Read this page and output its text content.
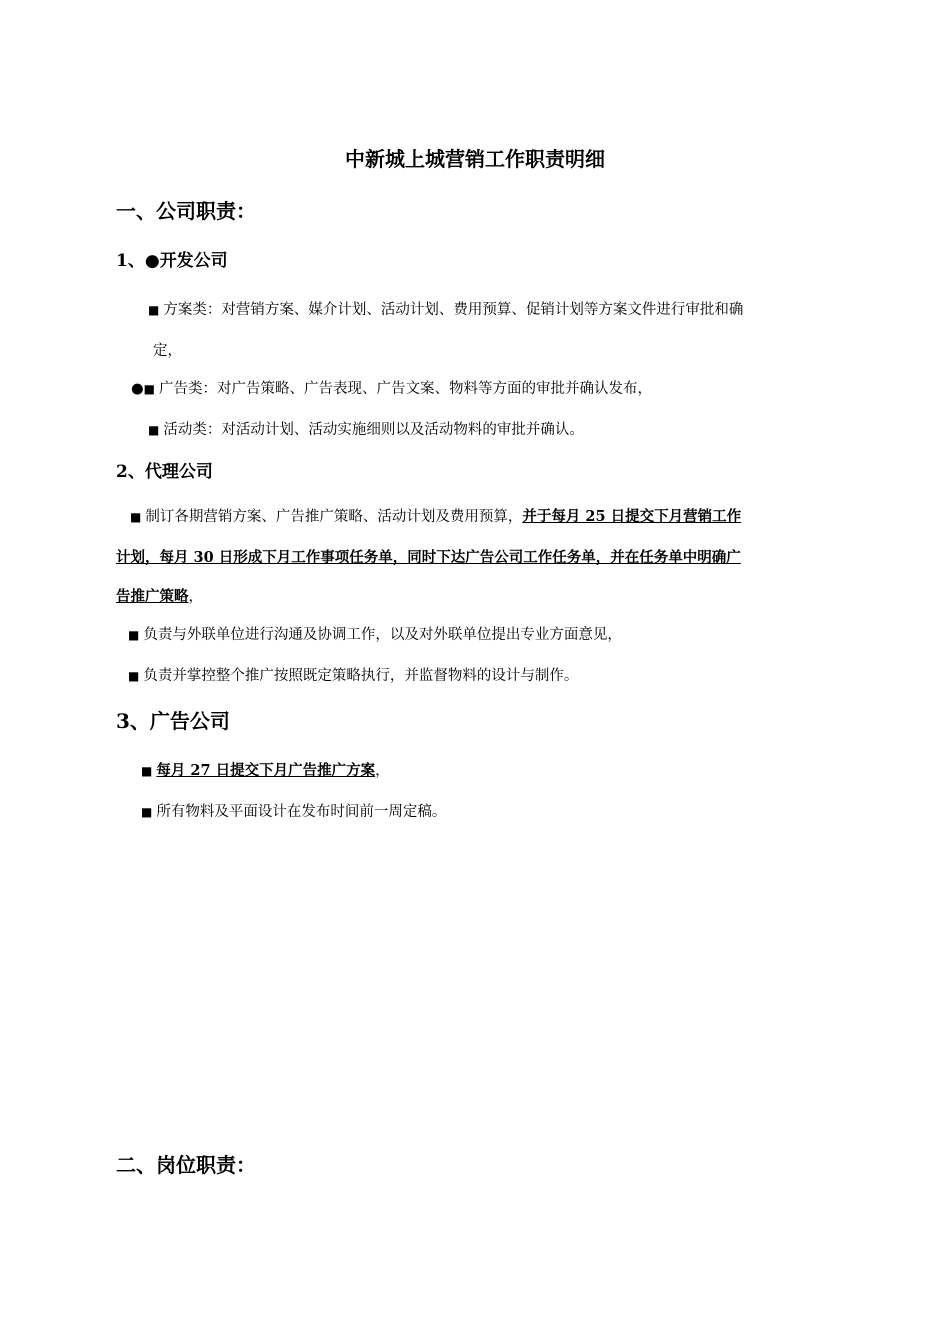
中新城上城营销工作职责明细
一、公司职责：
1、●开发公司
■ 方案类：对营销方案、媒介计划、活动计划、费用预算、促销计划等方案文件进行审批和确
定，
●■ 广告类：对广告策略、广告表现、广告文案、物料等方面的审批并确认发布，
■ 活动类：对活动计划、活动实施细则以及活动物料的审批并确认。
2、代理公司
■ 制订各期营销方案、广告推广策略、活动计划及费用预算，并于每月 25 日提交下月营销工作
计划，每月 30 日形成下月工作事项任务单，同时下达广告公司工作任务单，并在任务单中明确广
告推广策略，
■ 负责与外联单位进行沟通及协调工作，以及对外联单位提出专业方面意见，
■ 负责并掌控整个推广按照既定策略执行，并监督物料的设计与制作。
3、广告公司
■ 每月 27 日提交下月广告推广方案，
■ 所有物料及平面设计在发布时间前一周定稿。
二、岗位职责：
